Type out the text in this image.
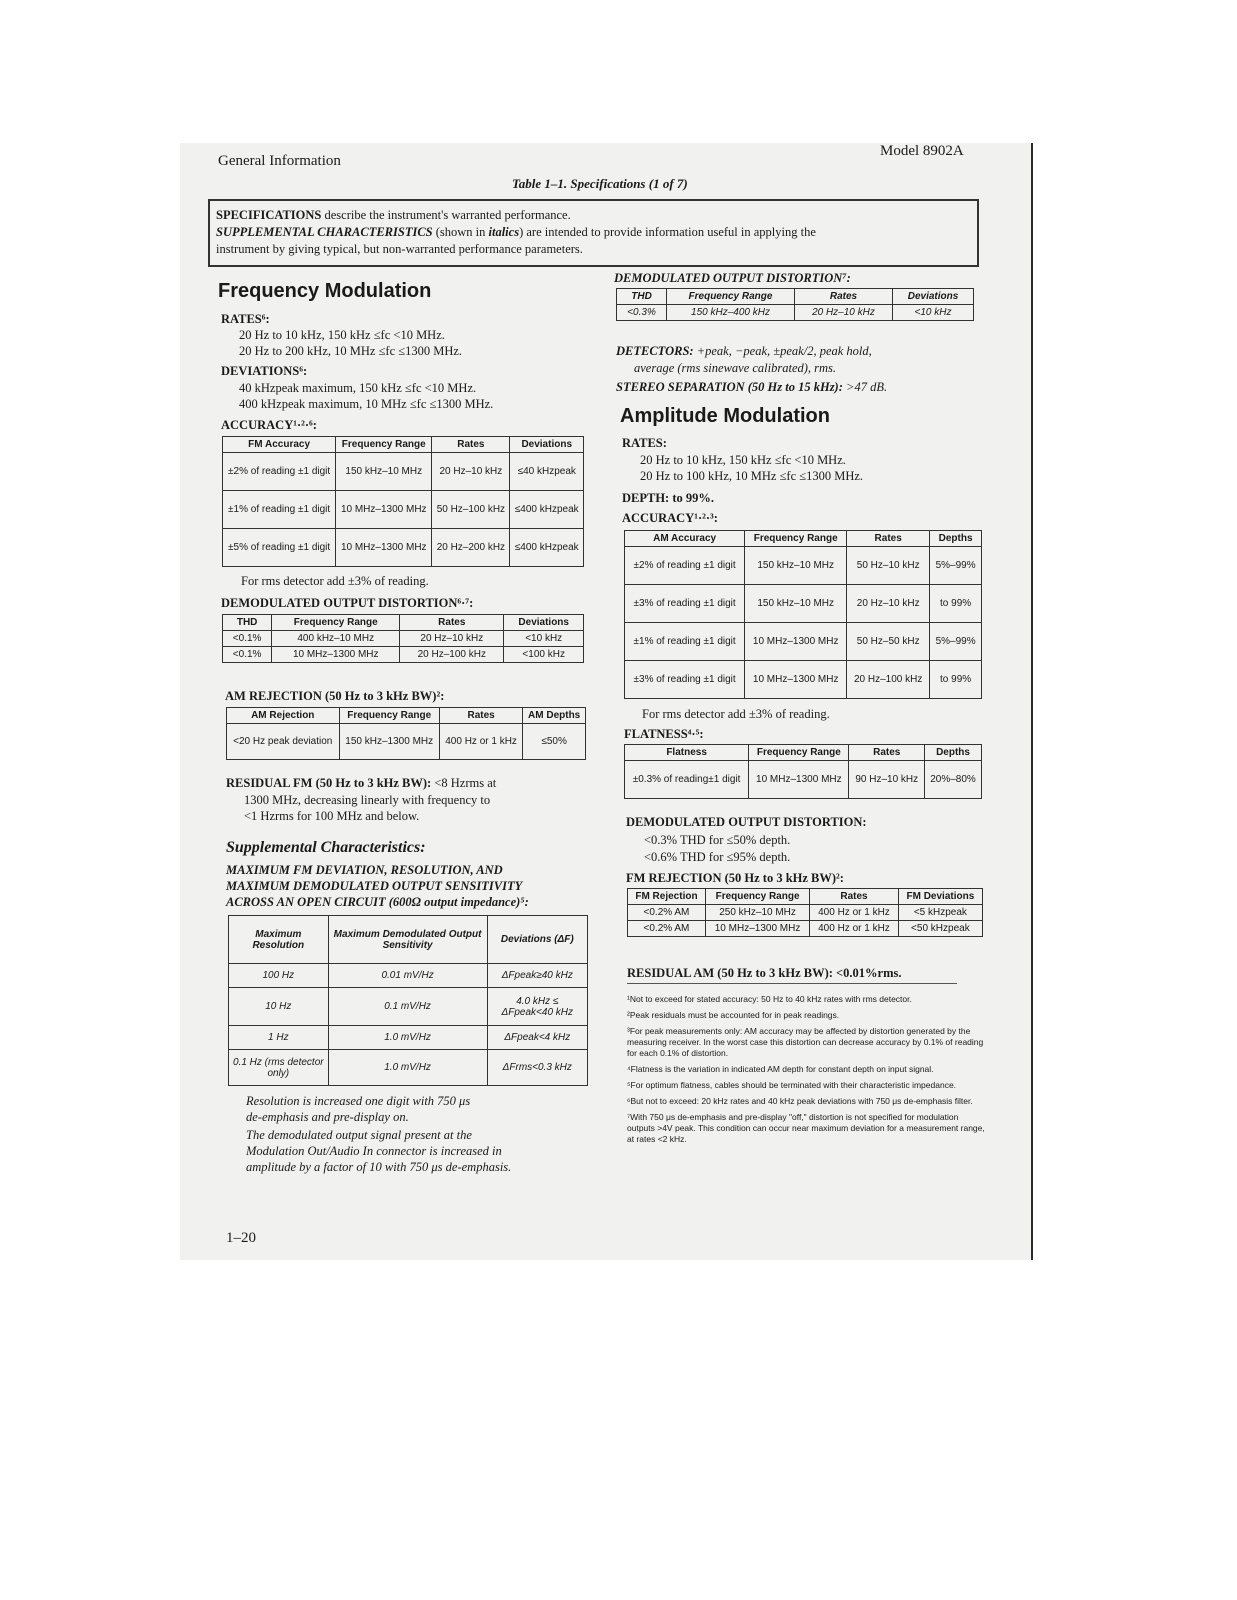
General Information
Model 8902A
Table 1–1. Specifications (1 of 7)
SPECIFICATIONS describe the instrument's warranted performance.
SUPPLEMENTAL CHARACTERISTICS (shown in italics) are intended to provide information useful in applying the
instrument by giving typical, but non-warranted performance parameters.
Frequency Modulation
RATES⁶:
20 Hz to 10 kHz, 150 kHz ≤fc <10 MHz.
20 Hz to 200 kHz, 10 MHz ≤fc ≤1300 MHz.
DEVIATIONS⁶:
40 kHzpeak maximum, 150 kHz ≤fc <10 MHz.
400 kHzpeak maximum, 10 MHz ≤fc ≤1300 MHz.
ACCURACY¹·²·⁶:
FM Accuracy	Frequency Range	Rates	Deviations
±2% of reading ±1 digit	150 kHz–10 MHz	20 Hz–10 kHz	≤40 kHzpeak
±1% of reading ±1 digit	10 MHz–1300 MHz	50 Hz–100 kHz	≤400 kHzpeak
±5% of reading ±1 digit	10 MHz–1300 MHz	20 Hz–200 kHz	≤400 kHzpeak
For rms detector add ±3% of reading.
DEMODULATED OUTPUT DISTORTION⁶·⁷:
THD	Frequency Range	Rates	Deviations
<0.1%	400 kHz–10 MHz	20 Hz–10 kHz	<10 kHz
<0.1%	10 MHz–1300 MHz	20 Hz–100 kHz	<100 kHz
AM REJECTION (50 Hz to 3 kHz BW)²:
AM Rejection	Frequency Range	Rates	AM Depths
<20 Hz peak deviation	150 kHz–1300 MHz	400 Hz or 1 kHz	≤50%
RESIDUAL FM (50 Hz to 3 kHz BW): <8 Hzrms at
1300 MHz, decreasing linearly with frequency to
<1 Hzrms for 100 MHz and below.
Supplemental Characteristics:
MAXIMUM FM DEVIATION, RESOLUTION, AND
MAXIMUM DEMODULATED OUTPUT SENSITIVITY
ACROSS AN OPEN CIRCUIT (600Ω output impedance)⁵:
Maximum Resolution	Maximum Demodulated Output Sensitivity	Deviations (ΔF)
100 Hz	0.01 mV/Hz	ΔFpeak≥40 kHz
10 Hz	0.1 mV/Hz	4.0 kHz ≤ ΔFpeak<40 kHz
1 Hz	1.0 mV/Hz	ΔFpeak<4 kHz
0.1 Hz (rms detector only)	1.0 mV/Hz	ΔFrms<0.3 kHz
Resolution is increased one digit with 750 μs
de-emphasis and pre-display on.
The demodulated output signal present at the
Modulation Out/Audio In connector is increased in
amplitude by a factor of 10 with 750 μs de-emphasis.
DEMODULATED OUTPUT DISTORTION⁷:
THD	Frequency Range	Rates	Deviations
<0.3%	150 kHz–400 kHz	20 Hz–10 kHz	<10 kHz
DETECTORS: +peak, −peak, ±peak/2, peak hold,
average (rms sinewave calibrated), rms.
STEREO SEPARATION (50 Hz to 15 kHz): >47 dB.
Amplitude Modulation
RATES:
20 Hz to 10 kHz, 150 kHz ≤fc <10 MHz.
20 Hz to 100 kHz, 10 MHz ≤fc ≤1300 MHz.
DEPTH: to 99%.
ACCURACY¹·²·³:
AM Accuracy	Frequency Range	Rates	Depths
±2% of reading ±1 digit	150 kHz–10 MHz	50 Hz–10 kHz	5%–99%
±3% of reading ±1 digit	150 kHz–10 MHz	20 Hz–10 kHz	to 99%
±1% of reading ±1 digit	10 MHz–1300 MHz	50 Hz–50 kHz	5%–99%
±3% of reading ±1 digit	10 MHz–1300 MHz	20 Hz–100 kHz	to 99%
For rms detector add ±3% of reading.
FLATNESS⁴·⁵:
Flatness	Frequency Range	Rates	Depths
±0.3% of reading±1 digit	10 MHz–1300 MHz	90 Hz–10 kHz	20%–80%
DEMODULATED OUTPUT DISTORTION:
<0.3% THD for ≤50% depth.
<0.6% THD for ≤95% depth.
FM REJECTION (50 Hz to 3 kHz BW)²:
FM Rejection	Frequency Range	Rates	FM Deviations
<0.2% AM	250 kHz–10 MHz	400 Hz or 1 kHz	<5 kHzpeak
<0.2% AM	10 MHz–1300 MHz	400 Hz or 1 kHz	<50 kHzpeak
RESIDUAL AM (50 Hz to 3 kHz BW): <0.01%rms.
¹Not to exceed for stated accuracy: 50 Hz to 40 kHz rates with rms detector.
²Peak residuals must be accounted for in peak readings.
³For peak measurements only: AM accuracy may be affected by distortion generated by the measuring receiver. In the worst case this distortion can decrease accuracy by 0.1% of reading for each 0.1% of distortion.
⁴Flatness is the variation in indicated AM depth for constant depth on input signal.
⁵For optimum flatness, cables should be terminated with their characteristic impedance.
⁶But not to exceed: 20 kHz rates and 40 kHz peak deviations with 750 μs de-emphasis filter.
⁷With 750 μs de-emphasis and pre-display "off," distortion is not specified for modulation outputs >4V peak. This condition can occur near maximum deviation for a measurement range, at rates <2 kHz.
1–20
